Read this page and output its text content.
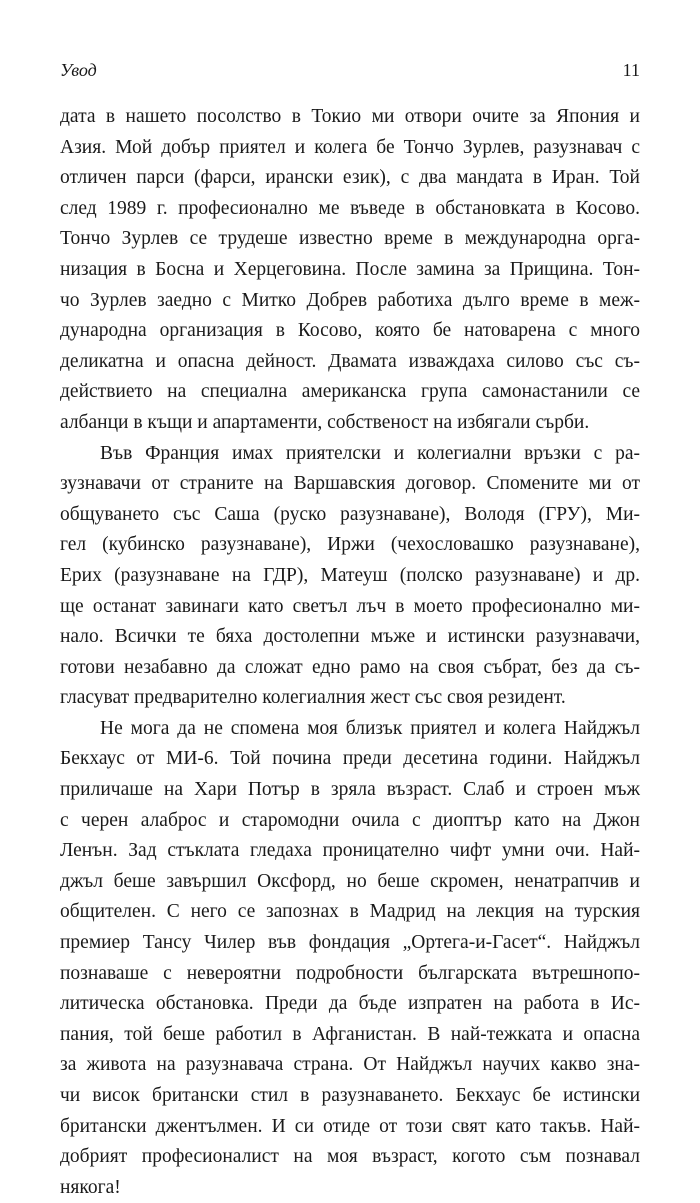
Увод	11
дата в нашето посолство в Токио ми отвори очите за Япония и
Азия. Мой добър приятел и колега бе Тончо Зурлев, разузнавач с
отличен парси (фарси, ирански език), с два мандата в Иран. Той
след 1989 г. професионално ме въведе в обстановката в Косово.
Тончо Зурлев се трудеше известно време в международна орга-
низация в Босна и Херцеговина. После замина за Прищина. Тон-
чо Зурлев заедно с Митко Добрев работиха дълго време в меж-
дународна организация в Косово, която бе натоварена с много
деликатна и опасна дейност. Двамата изваждаха силово със съ-
действието на специална американска група самонастанили се
албанци в къщи и апартаменти, собственост на избягали сърби.
Във Франция имах приятелски и колегиални връзки с ра-
зузнавачи от страните на Варшавския договор. Спомените ми от
общуването със Саша (руско разузнаване), Володя (ГРУ), Ми-
гел (кубинско разузнаване), Иржи (чехословашко разузнаване),
Ерих (разузнаване на ГДР), Матеуш (полско разузнаване) и др.
ще останат завинаги като светъл лъч в моето професионално ми-
нало. Всички те бяха достолепни мъже и истински разузнавачи,
готови незабавно да сложат едно рамо на своя събрат, без да съ-
гласуват предварително колегиалния жест със своя резидент.
Не мога да не спомена моя близък приятел и колега Найджъл
Бекхаус от МИ-6. Той почина преди десетина години. Найджъл
приличаше на Хари Потър в зряла възраст. Слаб и строен мъж
с черен алаброс и старомодни очила с диоптър като на Джон
Ленън. Зад стъклата гледаха проницателно чифт умни очи. Най-
джъл беше завършил Оксфорд, но беше скромен, ненатрапчив и
общителен. С него се запознах в Мадрид на лекция на турския
премиер Тансу Чилер във фондация „Ортега-и-Гасет“. Найджъл
познаваше с невероятни подробности българската вътрешнопо-
литическа обстановка. Преди да бъде изпратен на работа в Ис-
пания, той беше работил в Афганистан. В най-тежката и опасна
за живота на разузнавача страна. От Найджъл научих какво зна-
чи висок британски стил в разузнаването. Бекхаус бе истински
британски джентълмен. И си отиде от този свят като такъв. Най-
добрият професионалист на моя възраст, когото съм познавал
някога!
